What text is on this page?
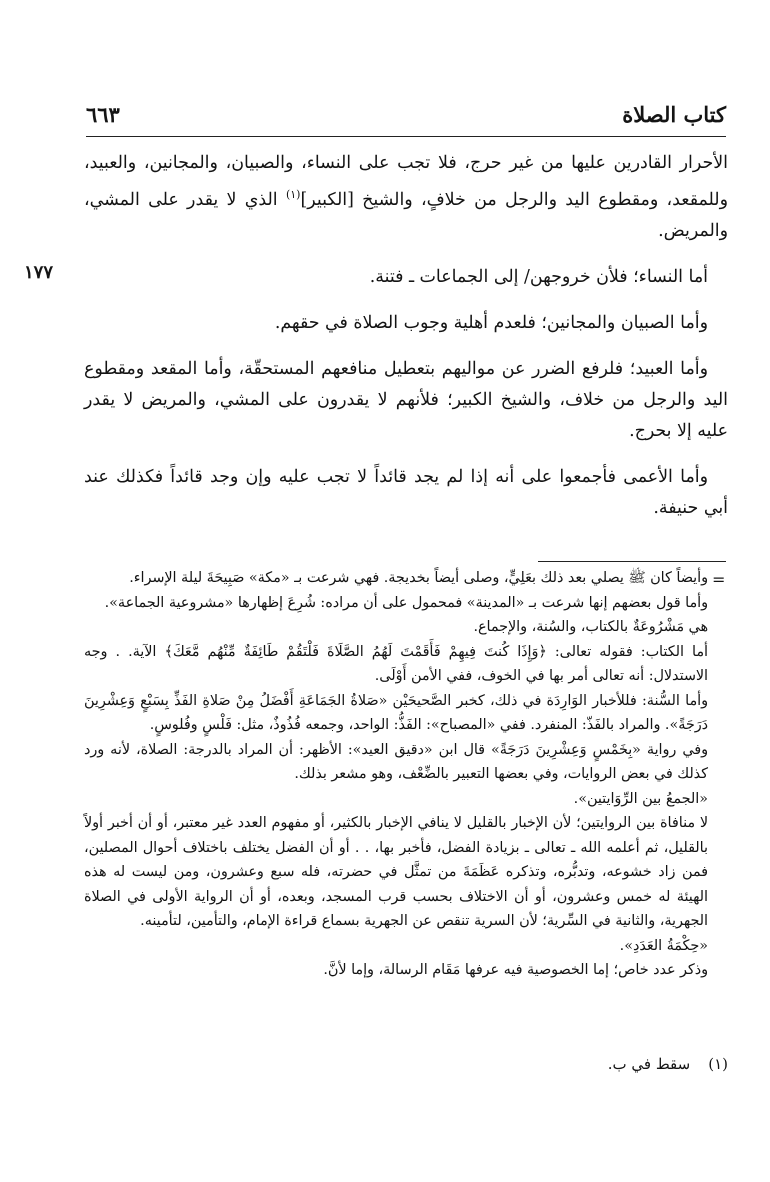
كتاب الصلاة
٦٦٣
١٧٧

الأحرار القادرين عليها من غير حرج، فلا تجب على النساء، والصبيان، والمجانين، والعبيد، وللمقعد، ومقطوع اليد والرجل من خلافٍ، والشيخ [الكبير]$^{(١)}$ الذي لا يقدر على المشي، والمريض.

أما النساء؛ فلأن خروجهن/ إلى الجماعات ـ فتنة.

وأما الصبيان والمجانين؛ فلعدم أهلية وجوب الصلاة في حقهم.

وأما العبيد؛ فلرفع الضرر عن مواليهم بتعطيل منافعهم المستحقّة، وأما المقعد ومقطوع اليد والرجل من خلاف، والشيخ الكبير؛ فلأنهم لا يقدرون على المشي، والمريض لا يقدر عليه إلا بحرج.

وأما الأعمى فأجمعوا على أنه إذا لم يجد قائداً لا تجب عليه وإن وجد قائداً فكذلك عند أبي حنيفة.

=

وأيضاً كان ﷺ يصلي بعد ذلك بعَلِيٍّ، وصلى أيضاً بخديجة. فهي شرعت بـ «مكة» صَبِيحَةَ ليلة الإسراء.

وأما قول بعضهم إنها شرعت بـ «المدينة» فمحمول على أن مراده: شُرِعَ إظهارها «مشروعية الجماعة».

هي مَشْرُوعَةٌ بالكتاب، والسُنة، والإجماع.

أما الكتاب: فقوله تعالى: ﴿وَإِذَا كُنتَ فِيهِمْ فَأَقَمْتَ لَهُمُ الصَّلَاةَ فَلْتَقُمْ طَائِفَةٌ مِّنْهُم مَّعَكَ﴾ الآية. . وجه الاستدلال: أنه تعالى أمر بها في الخوف، ففي الأمن أَوْلَى.

وأما السُّنة: فللأخبار الوَارِدَة في ذلك، كخبر الصَّحيحَيْن «صَلاةُ الجَمَاعَةِ أَفْضَلُ مِنْ صَلاةِ الفَذِّ بِسَبْعٍ وَعِشْرِينَ دَرَجَةً». والمراد بالفَذّ: المنفرد. ففي «المصباح»: الفَذُّ: الواحد، وجمعه فُذُوذٌ، مثل: فَلْسٍ وفُلوسٍ.

وفي رواية «بِخَمْسٍ وَعِشْرِينَ دَرَجَةً» قال ابن «دقيق العيد»: الأظهر: أن المراد بالدرجة: الصلاة، لأنه ورد كذلك في بعض الروايات، وفي بعضها التعبير بالضِّعْف، وهو مشعر بذلك.

«الجمعُ بين الرِّوَايتين».

لا منافاة بين الروايتين؛ لأن الإخبار بالقليل لا ينافي الإخبار بالكثير، أو مفهوم العدد غير معتبر، أو أن أخبر أولاً بالقليل، ثم أعلمه الله ـ تعالى ـ بزيادة الفضل، فأخبر بها، . . أو أن الفضل يختلف باختلاف أحوال المصلين، فمن زاد خشوعه، وتدبُّره، وتذكره عَظَمَةَ من تمثَّل في حضرته، فله سبع وعشرون، ومن ليست له هذه الهيئة له خمس وعشرون، أو أن الاختلاف بحسب قرب المسجد، وبعده، أو أن الرواية الأولى في الصلاة الجهرية، والثانية في السِّرية؛ لأن السرية تنقص عن الجهرية بسماع قراءة الإمام، والتأمين، لتأمينه.

«حِكْمَةُ العَدَدِ».

وذكر عدد خاص؛ إما الخصوصية فيه عرفها مَقَام الرسالة، وإما لأنَّ.

(١)
سقط في ب.
